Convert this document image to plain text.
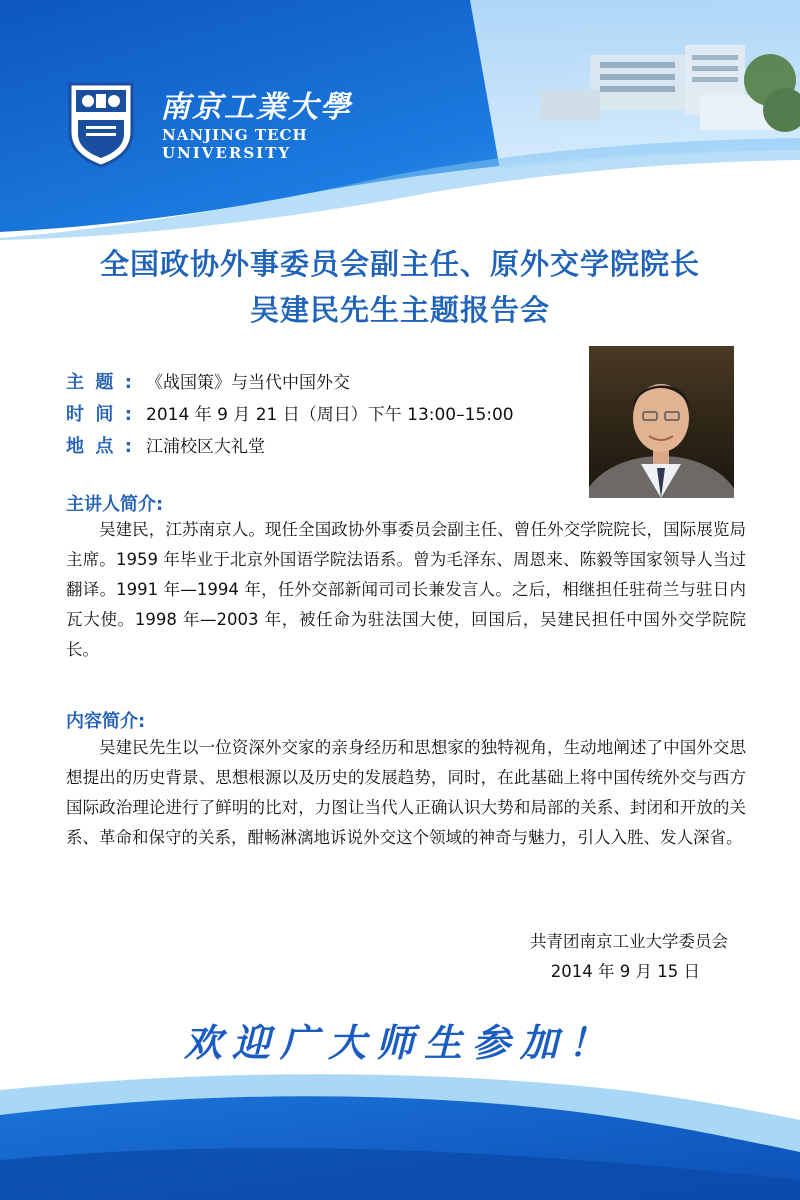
南京工業大學
NANJING TECH
UNIVERSITY
全国政协外事委员会副主任、原外交学院院长
吴建民先生主题报告会
主题: 《战国策》与当代中国外交
时间: 2014 年 9 月 21 日（周日）下午 13:00–15:00
地点: 江浦校区大礼堂
主讲人简介:
吴建民，江苏南京人。现任全国政协外事委员会副主任、曾任外交学院院长，国际展览局主席。1959 年毕业于北京外国语学院法语系。曾为毛泽东、周恩来、陈毅等国家领导人当过翻译。1991 年—1994 年，任外交部新闻司司长兼发言人。之后，相继担任驻荷兰与驻日内瓦大使。1998 年—2003 年，被任命为驻法国大使，回国后，吴建民担任中国外交学院院长。
内容简介:
吴建民先生以一位资深外交家的亲身经历和思想家的独特视角，生动地阐述了中国外交思想提出的历史背景、思想根源以及历史的发展趋势，同时，在此基础上将中国传统外交与西方国际政治理论进行了鲜明的比对，力图让当代人正确认识大势和局部的关系、封闭和开放的关系、革命和保守的关系，酣畅淋漓地诉说外交这个领域的神奇与魅力，引人入胜、发人深省。
共青团南京工业大学委员会
2014 年 9 月 15 日
欢迎广大师生参加！
